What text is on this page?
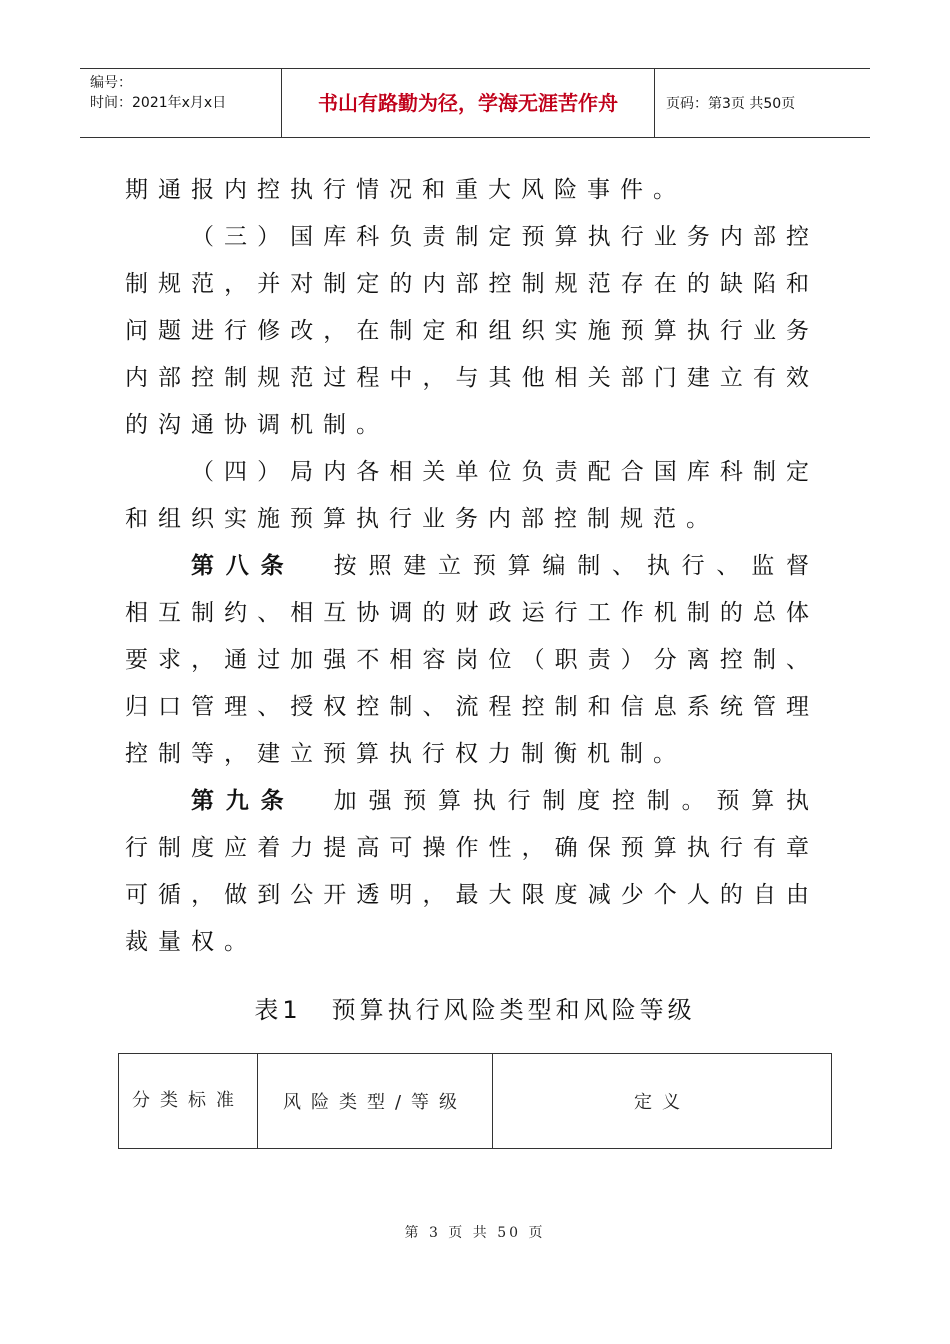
编号：
时间：2021年x月x日	书山有路勤为径，学海无涯苦作舟	页码：第3页 共50页

期通报内控执行情况和重大风险事件。

（三）国库科负责制定预算执行业务内部控制规范，并对制定的内部控制规范存在的缺陷和问题进行修改，在制定和组织实施预算执行业务内部控制规范过程中，与其他相关部门建立有效的沟通协调机制。

（四）局内各相关单位负责配合国库科制定和组织实施预算执行业务内部控制规范。

第八条 按照建立预算编制、执行、监督相互制约、相互协调的财政运行工作机制的总体要求，通过加强不相容岗位（职责）分离控制、归口管理、授权控制、流程控制和信息系统管理控制等，建立预算执行权力制衡机制。

第九条 加强预算执行制度控制。预算执行制度应着力提高可操作性，确保预算执行有章可循，做到公开透明，最大限度减少个人的自由裁量权。

表1 预算执行风险类型和风险等级
分类标准	风险类型/等级	定义
第 3 页 共 50 页
